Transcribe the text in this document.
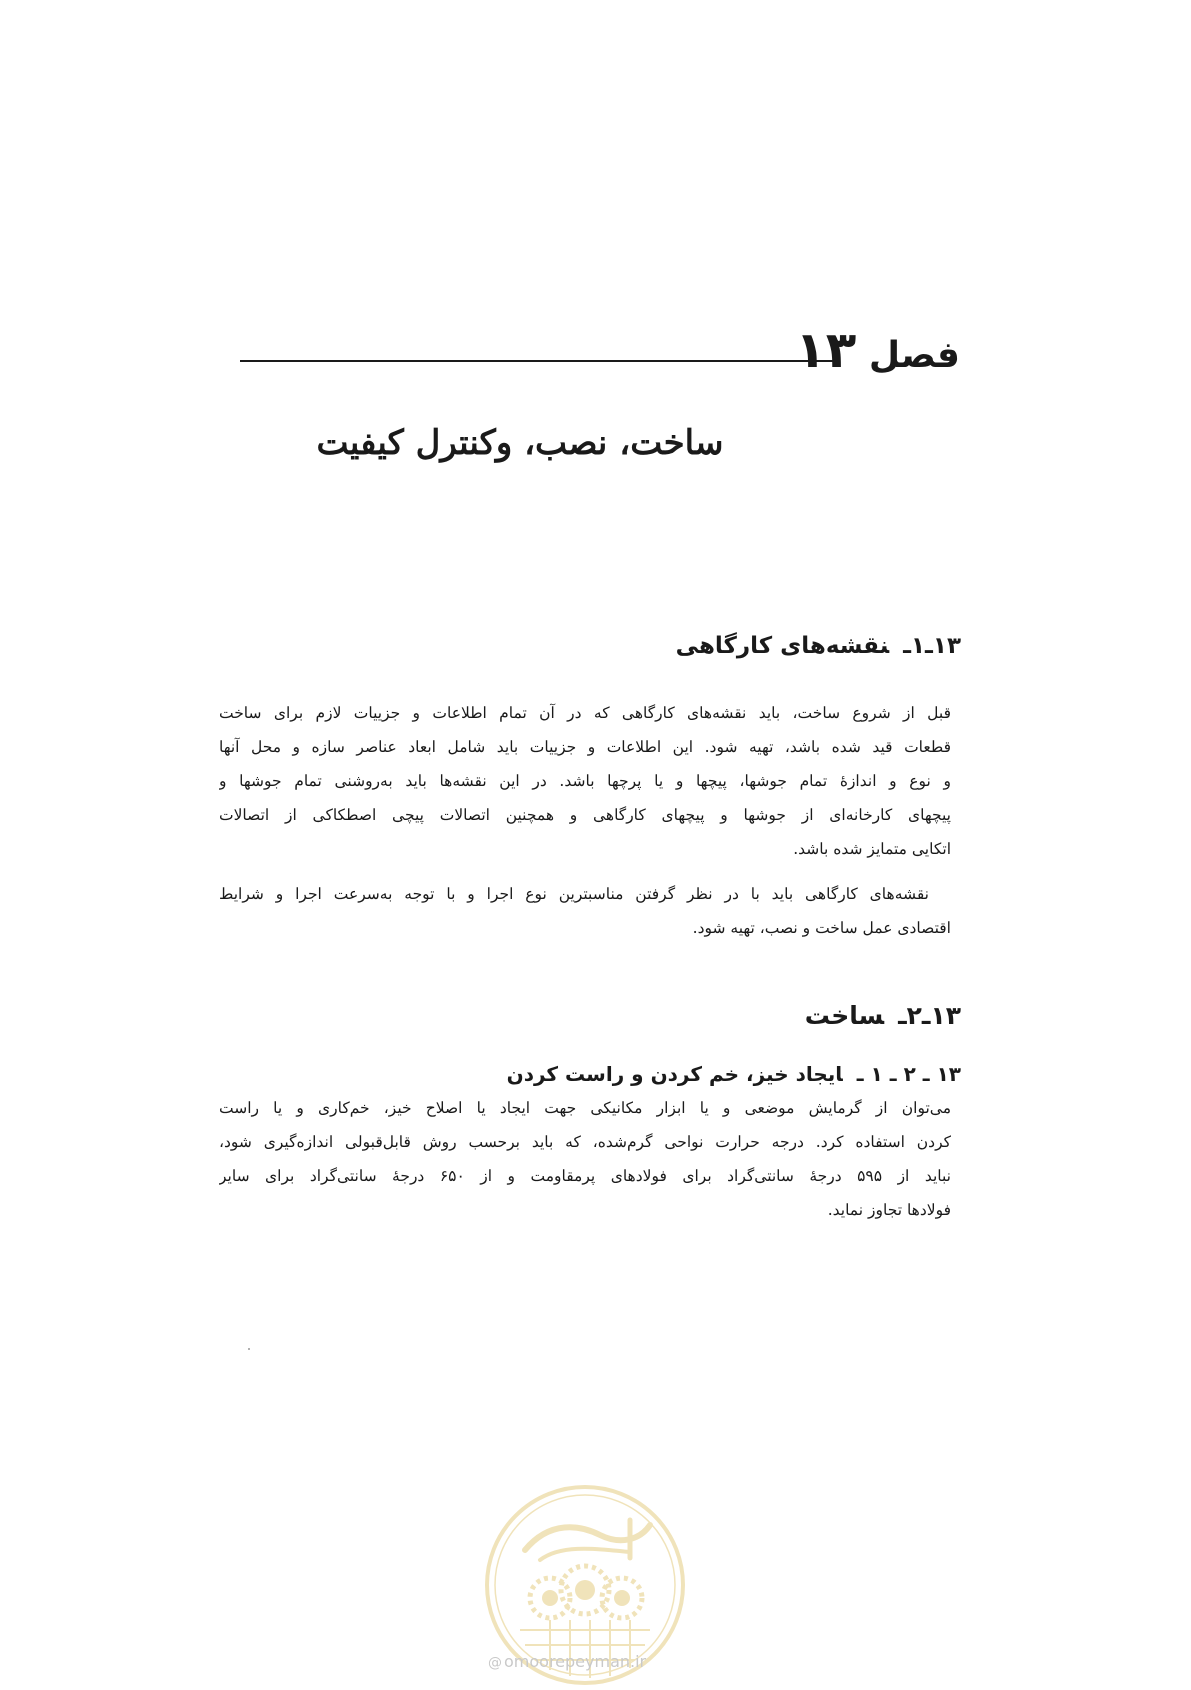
فصل ۱۳
ساخت، نصب، وکنترل کیفیت
۱۳ـ۱ـنقشه‌های کارگاهی
قبل از شروع ساخت، باید نقشه‌های کارگاهی که در آن تمام اطلاعات و جزییات لازم برای ساخت
قطعات قید شده باشد، تهیه شود. این اطلاعات و جزییات باید شامل ابعاد عناصر سازه و محل آنها
و نوع و اندازهٔ تمام جوشها، پیچها و یا پرچها باشد. در این نقشه‌ها باید به‌روشنی تمام جوشها و
پیچهای کارخانه‌ای از جوشها و پیچهای کارگاهی و همچنین اتصالات پیچی اصطکاکی از اتصالات
اتکایی متمایز شده باشد.
نقشه‌های کارگاهی باید با در نظر گرفتن مناسبترین نوع اجرا و با توجه به‌سرعت اجرا و شرایط
اقتصادی عمل ساخت و نصب، تهیه شود.
۱۳ـ۲ـساخت
۱۳ ـ ۲ ـ ۱ ـایجاد خیز، خم کردن و راست کردن
می‌توان از گرمایش موضعی و یا ابزار مکانیکی جهت ایجاد یا اصلاح خیز، خم‌کاری و یا راست
کردن استفاده کرد. درجه حرارت نواحی گرم‌شده، که باید برحسب روش قابل‌قبولی اندازه‌گیری شود،
نباید از ۵۹۵ درجهٔ سانتی‌گراد برای فولادهای پرمقاومت و از ۶۵۰ درجهٔ سانتی‌گراد برای سایر
فولادها تجاوز نماید.
@ omoorepeyman.ir
